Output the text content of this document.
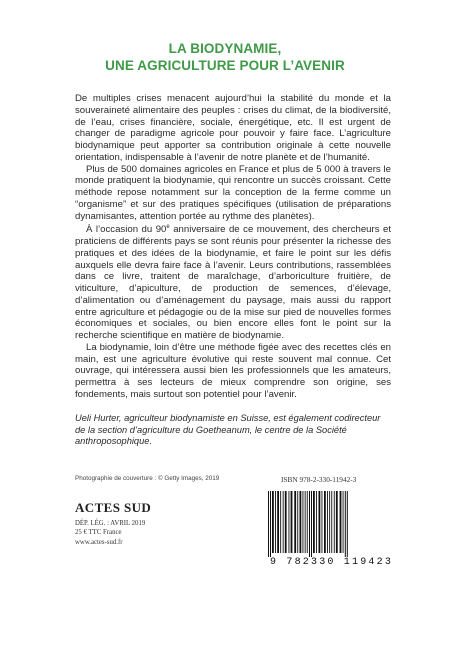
LA BIODYNAMIE,
UNE AGRICULTURE POUR L’AVENIR

De multiples crises menacent aujourd’hui la stabilité du monde et la souveraineté alimentaire des peuples : crises du climat, de la biodiversité, de l’eau, crises financière, sociale, énergétique, etc. Il est urgent de changer de paradigme agricole pour pouvoir y faire face. L’agriculture biodynamique peut apporter sa contribution originale à cette nouvelle orientation, indispensable à l’avenir de notre planète et de l’humanité.

Plus de 500 domaines agricoles en France et plus de 5 000 à travers le monde pratiquent la biodynamie, qui rencontre un succès croissant. Cette méthode repose notamment sur la conception de la ferme comme un “organisme” et sur des pratiques spécifiques (utilisation de préparations dynamisantes, attention portée au rythme des planètes).

À l’occasion du 90e anniversaire de ce mouvement, des chercheurs et praticiens de différents pays se sont réunis pour présenter la richesse des pratiques et des idées de la biodynamie, et faire le point sur les défis auxquels elle devra faire face à l’avenir. Leurs contributions, rassemblées dans ce livre, traitent de maraîchage, d’arboriculture fruitière, de viticulture, d’apiculture, de production de semences, d’élevage, d’alimentation ou d’aménagement du paysage, mais aussi du rapport entre agriculture et pédagogie ou de la mise sur pied de nouvelles formes économiques et sociales, ou bien encore elles font le point sur la recherche scientifique en matière de biodynamie.

La biodynamie, loin d’être une méthode figée avec des recettes clés en main, est une agriculture évolutive qui reste souvent mal connue. Cet ouvrage, qui intéressera aussi bien les professionnels que les amateurs, permettra à ses lecteurs de mieux comprendre son origine, ses fondements, mais surtout son potentiel pour l’avenir.

Ueli Hurter, agriculteur biodynamiste en Suisse, est également codirecteur de la section d’agriculture du Goetheanum, le centre de la Société anthroposophique.
Photographie de couverture : © Getty Images, 2019	ISBN 978-2-330-11942-3
ACTES SUD
DÉP. LÉG. : AVRIL 2019
25 € TTC France
www.actes-sud.fr
9 782330 119423
